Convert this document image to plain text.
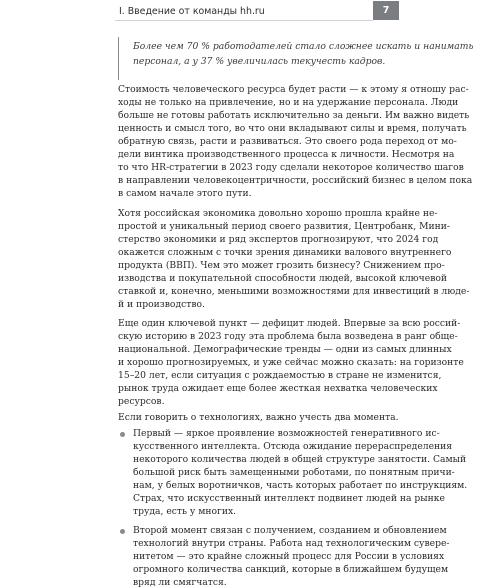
I. Введение от команды hh.ru	7
Более чем 70 % работодателей стало сложнее искать и нанимать
персонал, а у 37 % увеличилась текучесть кадров.
Стоимость человеческого ресурса будет расти — к этому я отношу рас-
ходы не только на привлечение, но и на удержание персонала. Люди
больше не готовы работать исключительно за деньги. Им важно видеть
ценность и смысл того, во что они вкладывают силы и время, получать
обратную связь, расти и развиваться. Это своего рода переход от мо-
дели винтика производственного процесса к личности. Несмотря на
то что HR-стратегии в 2023 году сделали некоторое количество шагов
в направлении человекоцентричности, российский бизнес в целом пока
в самом начале этого пути.
Хотя российская экономика довольно хорошо прошла крайне не-
простой и уникальный период своего развития, Центробанк, Мини-
стерство экономики и ряд экспертов прогнозируют, что 2024 год
окажется сложным с точки зрения динамики валового внутреннего
продукта (ВВП). Чем это может грозить бизнесу? Снижением про-
изводства и покупательной способности людей, высокой ключевой
ставкой и, конечно, меньшими возможностями для инвестиций в люде-
й и производство.
Еще один ключевой пункт — дефицит людей. Впервые за всю россий-
скую историю в 2023 году эта проблема была возведена в ранг обще-
национальной. Демографические тренды — одни из самых длинных
и хорошо прогнозируемых, и уже сейчас можно сказать: на горизонте
15–20 лет, если ситуация с рождаемостью в стране не изменится,
рынок труда ожидает еще более жесткая нехватка человеческих
ресурсов.
Если говорить о технологиях, важно учесть два момента.
Первый — яркое проявление возможностей генеративного ис-
кусственного интеллекта. Отсюда ожидание перераспределения
некоторого количества людей в общей структуре занятости. Самый
большой риск быть замещенными роботами, по понятным причи-
нам, у белых воротничков, часть которых работает по инструкциям.
Страх, что искусственный интеллект подвинет людей на рынке
труда, есть у многих.
Второй момент связан с получением, созданием и обновлением
технологий внутри страны. Работа над технологическим сувере-
нитетом — это крайне сложный процесс для России в условиях
огромного количества санкций, которые в ближайшем будущем
вряд ли смягчатся.
